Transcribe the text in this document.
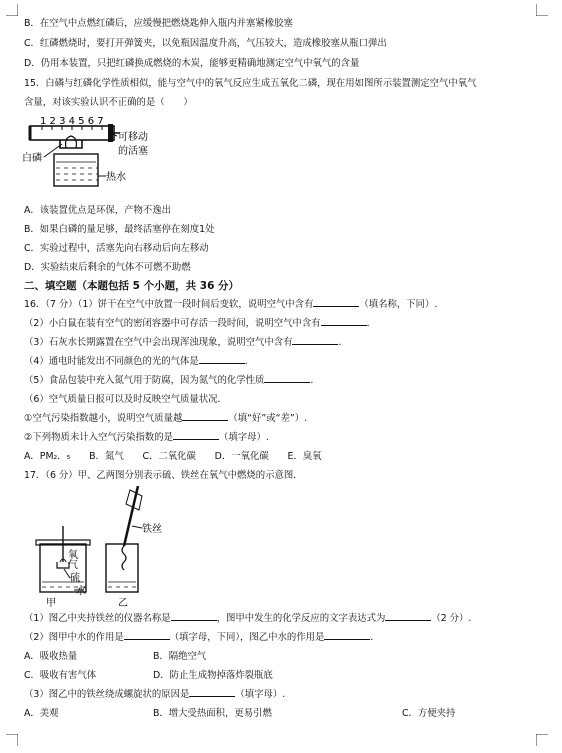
B．在空气中点燃红磷后，应缓慢把燃烧匙伸入瓶内并塞紧橡胶塞
C．红磷燃烧时，要打开弹簧夹，以免瓶因温度升高，气压较大，造成橡胶塞从瓶口弹出
D．仍用本装置，只把红磷换成燃烧的木炭，能够更精确地测定空气中氧气的含量
15．白磷与红磷化学性质相似，能与空气中的氧气反应生成五氧化二磷，现在用如图所示装置测定空气中氧气
含量，对该实验认识不正确的是（　　）
1 2 3 4 5 6 7
可移动
的活塞
白磷
热水
A．该装置优点是环保，产物不逸出
B．如果白磷的量足够，最终活塞停在刻度1处
C．实验过程中，活塞先向右移动后向左移动
D．实验结束后剩余的气体不可燃不助燃
二、填空题（本题包括 5 个小题，共 36 分）
16．（7 分）（1）饼干在空气中放置一段时间后变软，说明空气中含有	（填名称，下同）.
（2）小白鼠在装有空气的密闭容器中可存活一段时间，说明空气中含有	.
（3）石灰水长期露置在空气中会出现浑浊现象，说明空气中含有	.
（4）通电时能发出不同颜色的光的气体是	.
（5）食品包装中充入氮气用于防腐，因为氮气的化学性质	.
（6）空气质量日报可以及时反映空气质量状况．
①空气污染指数越小，说明空气质量越	（填“好”或“差”）.
②下列物质未计入空气污染指数的是	（填字母）.
A．PM₂．₅　　B．氮气　　C．二氧化碳　　D．一氧化碳　　E．臭氧
17．（6 分）甲、乙两图分别表示硫、铁丝在氧气中燃烧的示意图．
氧
气
硫
水
甲
铁丝
乙
（1）图乙中夹持铁丝的仪器名称是	，图甲中发生的化学反应的文字表达式为	（2 分）.
（2）图甲中水的作用是	（填字母，下同），图乙中水的作用是	.
A．吸收热量	B．隔绝空气
C．吸收有害气体	D．防止生成物掉落炸裂瓶底
（3）图乙中的铁丝绕成螺旋状的原因是	（填字母）.
A．美观	B．增大受热面积，更易引燃	C．方便夹持
